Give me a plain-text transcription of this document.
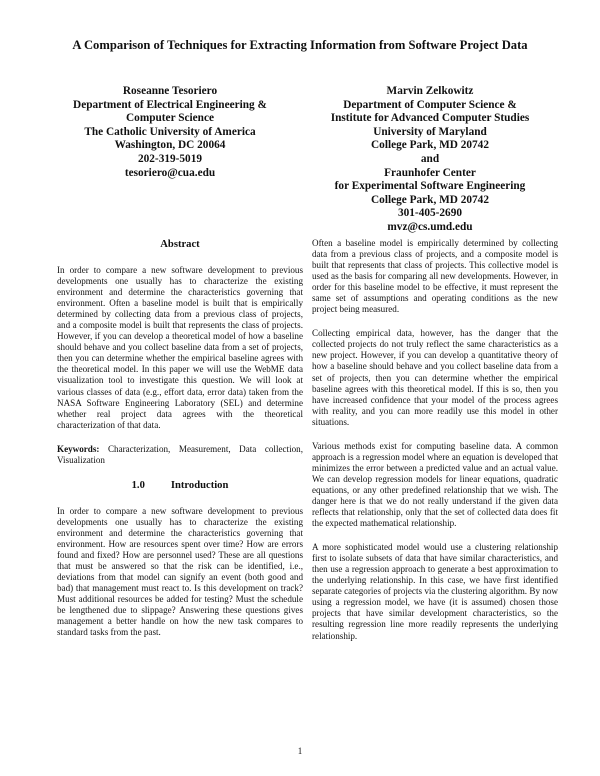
A Comparison of Techniques for Extracting Information from Software Project Data
Roseanne Tesoriero
Department of Electrical Engineering &
Computer Science
The Catholic University of America
Washington, DC 20064
202-319-5019
tesoriero@cua.edu
Marvin Zelkowitz
Department of Computer Science &
Institute for Advanced Computer Studies
University of Maryland
College Park, MD 20742
and
Fraunhofer Center
for Experimental Software Engineering
College Park, MD 20742
301-405-2690
mvz@cs.umd.edu
Abstract

In order to compare a new software development to previous developments one usually has to characterize the existing environment and determine the characteristics governing that environment. Often a baseline model is built that is empirically determined by collecting data from a previous class of projects, and a composite model is built that represents the class of projects. However, if you can develop a theoretical model of how a baseline should behave and you collect baseline data from a set of projects, then you can determine whether the empirical baseline agrees with the theoretical model. In this paper we will use the WebME data visualization tool to investigate this question. We will look at various classes of data (e.g., effort data, error data) taken from the NASA Software Engineering Laboratory (SEL) and determine whether real project data agrees with the theoretical characterization of that data.

Keywords: Characterization, Measurement, Data collection, Visualization

1.0 Introduction

In order to compare a new software development to previous developments one usually has to characterize the existing environment and determine the characteristics governing that environment. How are resources spent over time? How are errors found and fixed? How are personnel used? These are all questions that must be answered so that the risk can be identified, i.e., deviations from that model can signify an event (both good and bad) that management must react to. Is this development on track? Must additional resources be added for testing? Must the schedule be lengthened due to slippage? Answering these questions gives management a better handle on how the new task compares to standard tasks from the past.

Often a baseline model is empirically determined by collecting data from a previous class of projects, and a composite model is built that represents that class of projects. This collective model is used as the basis for comparing all new developments. However, in order for this baseline model to be effective, it must represent the same set of assumptions and operating conditions as the new project being measured.

Collecting empirical data, however, has the danger that the collected projects do not truly reflect the same characteristics as a new project. However, if you can develop a quantitative theory of how a baseline should behave and you collect baseline data from a set of projects, then you can determine whether the empirical baseline agrees with this theoretical model. If this is so, then you have increased confidence that your model of the process agrees with reality, and you can more readily use this model in other situations.

Various methods exist for computing baseline data. A common approach is a regression model where an equation is developed that minimizes the error between a predicted value and an actual value. We can develop regression models for linear equations, quadratic equations, or any other predefined relationship that we wish. The danger here is that we do not really understand if the given data reflects that relationship, only that the set of collected data does fit the expected mathematical relationship.

A more sophisticated model would use a clustering relationship first to isolate subsets of data that have similar characteristics, and then use a regression approach to generate a best approximation to the underlying relationship. In this case, we have first identified separate categories of projects via the clustering algorithm. By now using a regression model, we have (it is assumed) chosen those projects that have similar development characteristics, so the resulting regression line more readily represents the underlying relationship.

1
